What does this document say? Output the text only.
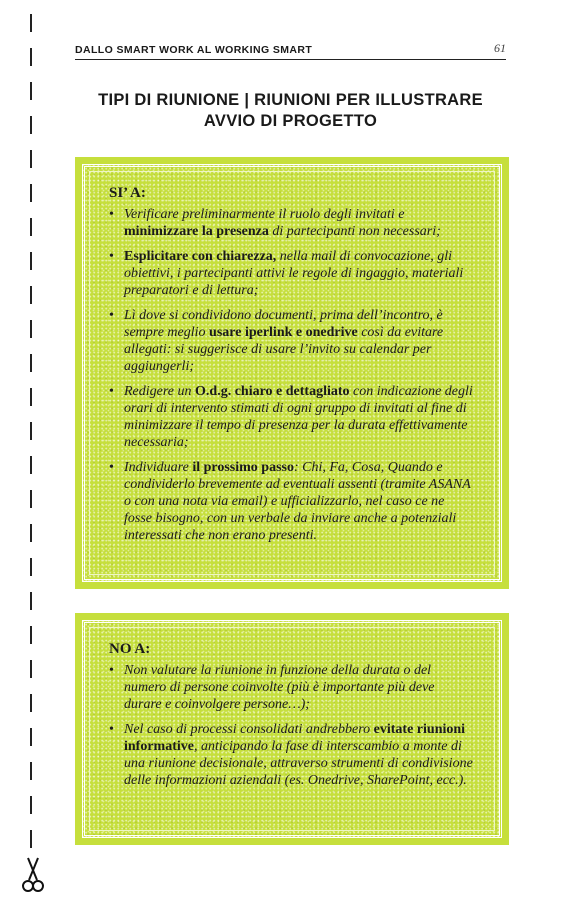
DALLO SMART WORK AL WORKING SMART	61
TIPI DI RIUNIONE | RIUNIONI PER ILLUSTRARE
AVVIO DI PROGETTO
SI’ A:
• Verificare preliminarmente il ruolo degli invitati e minimizzare la presenza di partecipanti non necessari;
• Esplicitare con chiarezza, nella mail di convocazione, gli obiettivi, i partecipanti attivi le regole di ingaggio, materiali preparatori e di lettura;
• Lì dove si condividono documenti, prima dell’incontro, è sempre meglio usare iperlink e onedrive così da evitare allegati: si suggerisce di usare l’invito su calendar per aggiungerli;
• Redigere un O.d.g. chiaro e dettagliato con indicazione degli orari di intervento stimati di ogni gruppo di invitati al fine di minimizzare il tempo di presenza per la durata effettivamente necessaria;
• Individuare il prossimo passo: Chi, Fa, Cosa, Quando e condividerlo brevemente ad eventuali assenti (tramite ASANA o con una nota via email) e ufficializzarlo, nel caso ce ne fosse bisogno, con un verbale da inviare anche a potenziali interessati che non erano presenti.
NO A:
• Non valutare la riunione in funzione della durata o del numero di persone coinvolte (più è importante più deve durare e coinvolgere persone…);
• Nel caso di processi consolidati andrebbero evitate riunioni informative, anticipando la fase di interscambio a monte di una riunione decisionale, attraverso strumenti di condivisione delle informazioni aziendali (es. Onedrive, SharePoint, ecc.).
